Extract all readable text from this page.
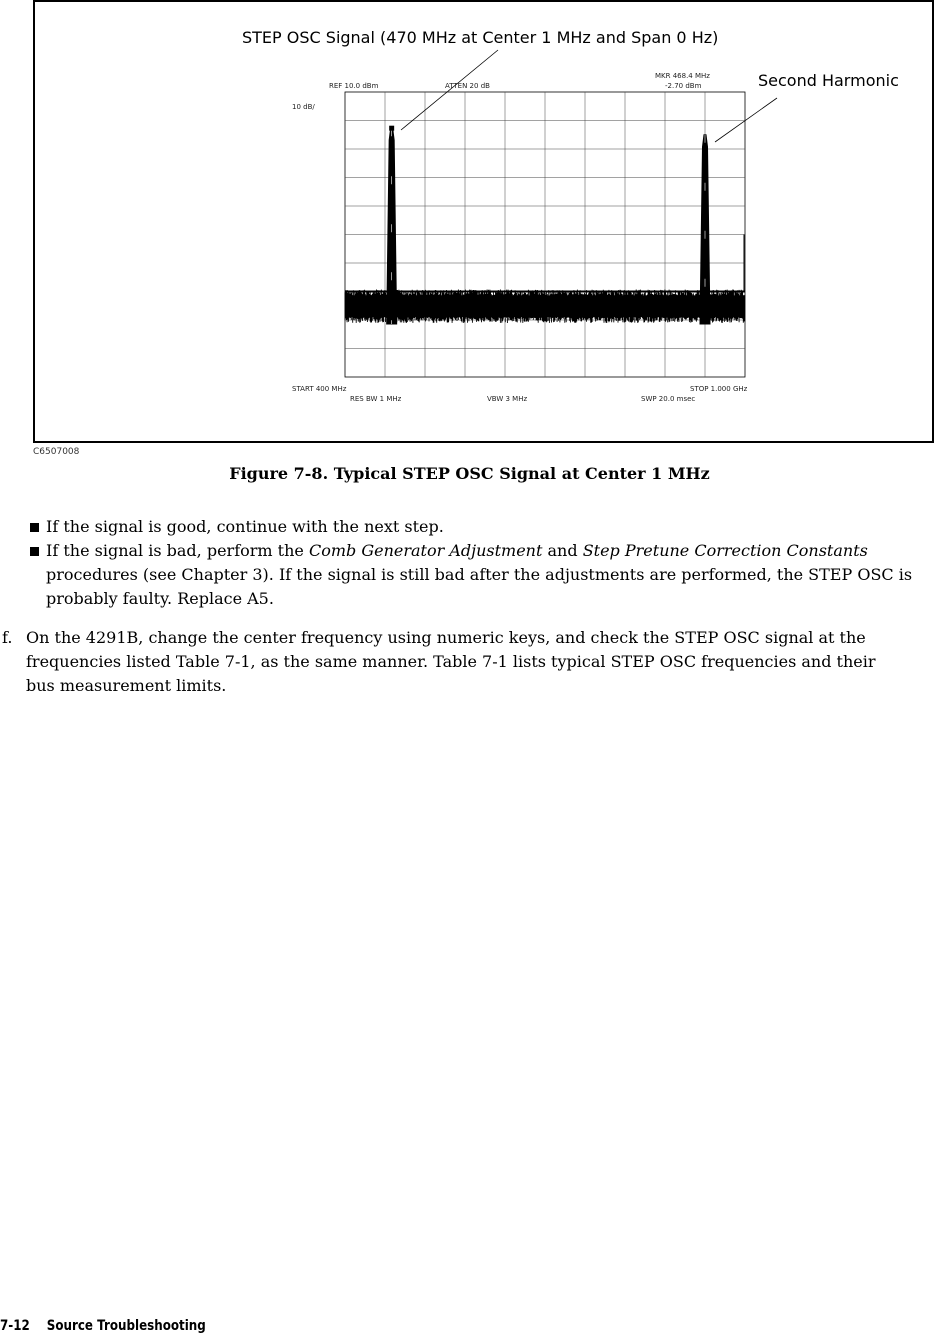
STEP OSC Signal (470 MHz at Center 1 MHz and Span 0 Hz)
Second Harmonic
REF 10.0 dBm	ATTEN 20 dB
MKR 468.4 MHz
-2.70 dBm
10 dB/
START 400 MHz	STOP 1.000 GHz
RES BW 1 MHz	VBW 3 MHz	SWP 20.0 msec
C6507008
Figure 7-8. Typical STEP OSC Signal at Center 1 MHz
If the signal is good, continue with the next step.
If the signal is bad, perform the Comb Generator Adjustment and Step Pretune Correction Constants procedures (see Chapter 3). If the signal is still bad after the adjustments are performed, the STEP OSC is probably faulty. Replace A5.
f. On the 4291B, change the center frequency using numeric keys, and check the STEP OSC signal at the frequencies listed Table 7-1, as the same manner. Table 7-1 lists typical STEP OSC frequencies and their bus measurement limits.
7-12 Source Troubleshooting
